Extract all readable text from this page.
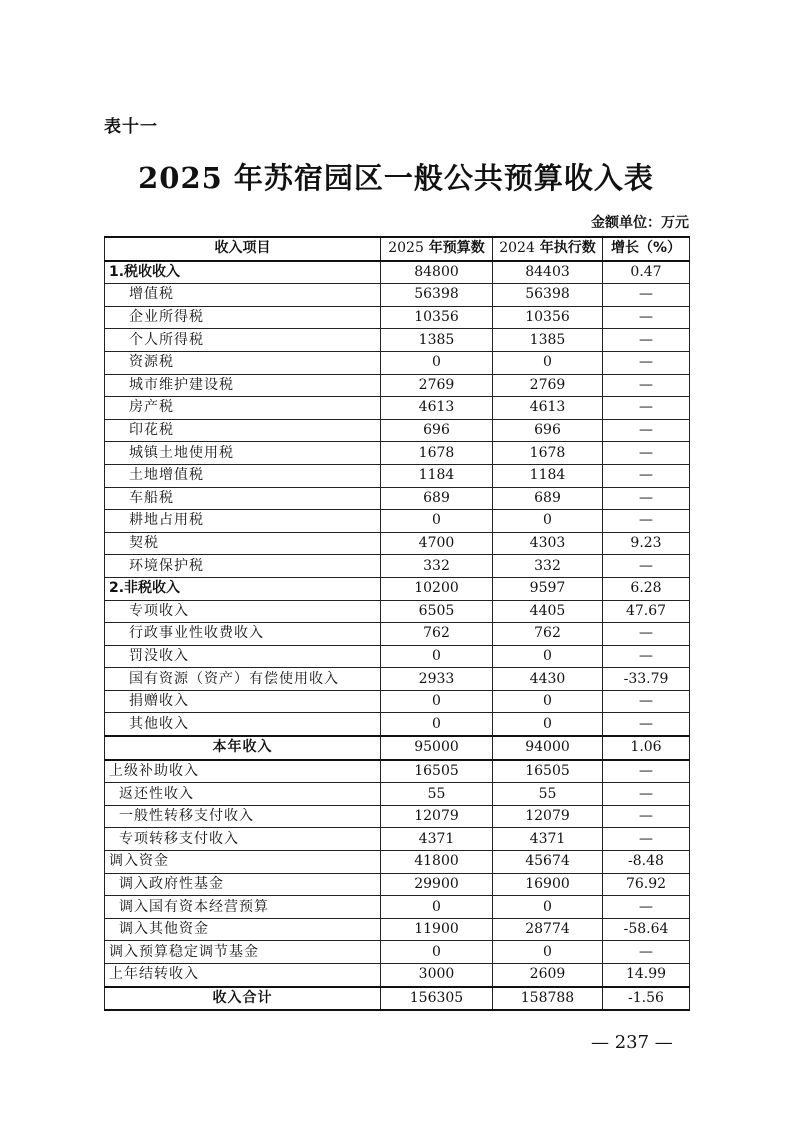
表十一
2025 年苏宿园区一般公共预算收入表
金额单位：万元
收入项目	2025 年预算数	2024 年执行数	增长（%）
1.税收收入	84800	84403	0.47
增值税	56398	56398	—
企业所得税	10356	10356	—
个人所得税	1385	1385	—
资源税	0	0	—
城市维护建设税	2769	2769	—
房产税	4613	4613	—
印花税	696	696	—
城镇土地使用税	1678	1678	—
土地增值税	1184	1184	—
车船税	689	689	—
耕地占用税	0	0	—
契税	4700	4303	9.23
环境保护税	332	332	—
2.非税收入	10200	9597	6.28
专项收入	6505	4405	47.67
行政事业性收费收入	762	762	—
罚没收入	0	0	—
国有资源（资产）有偿使用收入	2933	4430	-33.79
捐赠收入	0	0	—
其他收入	0	0	—
本年收入	95000	94000	1.06
上级补助收入	16505	16505	—
返还性收入	55	55	—
一般性转移支付收入	12079	12079	—
专项转移支付收入	4371	4371	—
调入资金	41800	45674	-8.48
调入政府性基金	29900	16900	76.92
调入国有资本经营预算	0	0	—
调入其他资金	11900	28774	-58.64
调入预算稳定调节基金	0	0	—
上年结转收入	3000	2609	14.99
收入合计	156305	158788	-1.56
— 237 —
